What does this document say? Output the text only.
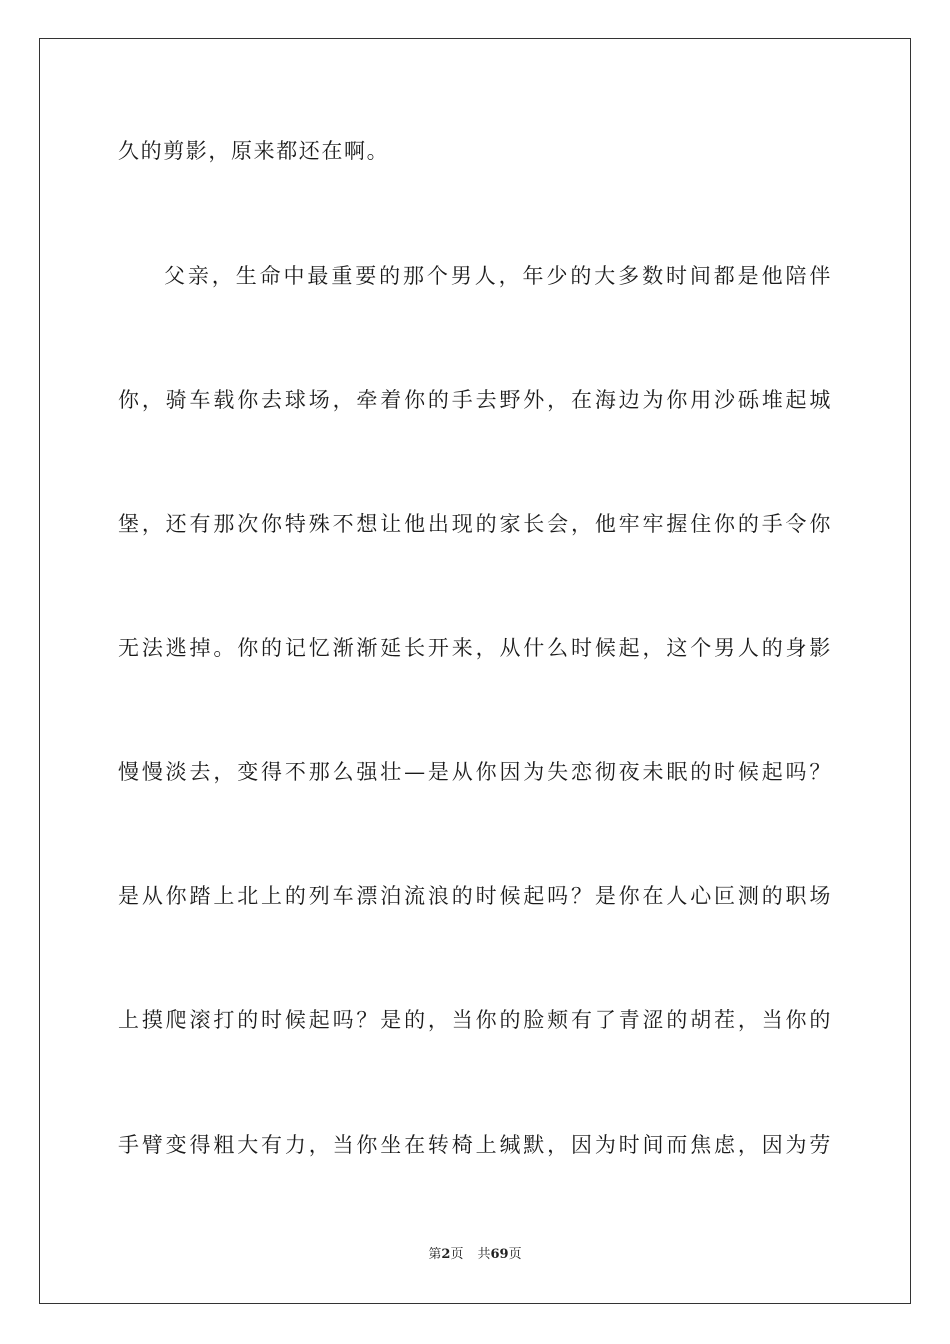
久的剪影，原来都还在啊。
父亲，生命中最重要的那个男人，年少的大多数时间都是他陪伴
你，骑车载你去球场，牵着你的手去野外，在海边为你用沙砾堆起城
堡，还有那次你特殊不想让他出现的家长会，他牢牢握住你的手令你
无法逃掉。你的记忆渐渐延长开来，从什么时候起，这个男人的身影
慢慢淡去，变得不那么强壮—是从你因为失恋彻夜未眠的时候起吗？
是从你踏上北上的列车漂泊流浪的时候起吗？是你在人心叵测的职场
上摸爬滚打的时候起吗？是的，当你的脸颊有了青涩的胡茬，当你的
手臂变得粗大有力，当你坐在转椅上缄默，因为时间而焦虑，因为劳
第2页 共69页
